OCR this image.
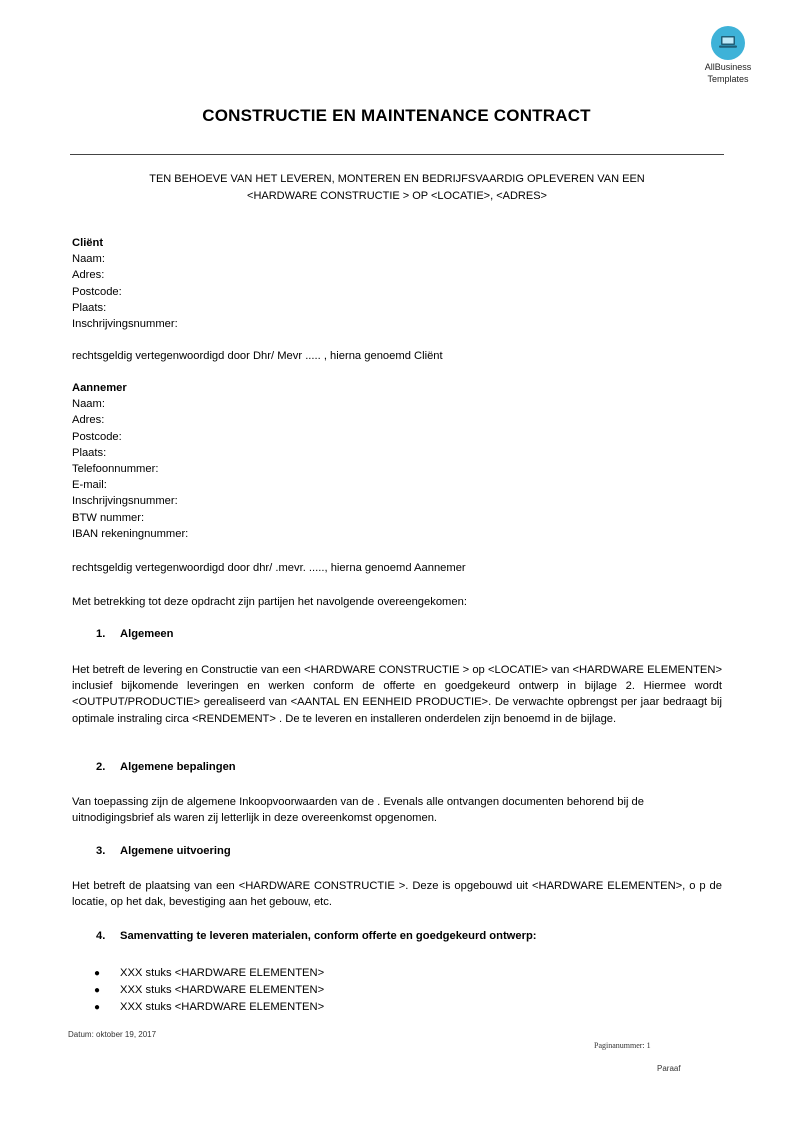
AllBusiness
Templates
CONSTRUCTIE EN MAINTENANCE CONTRACT
TEN BEHOEVE VAN HET LEVEREN, MONTEREN EN BEDRIJFSVAARDIG OPLEVEREN VAN EEN
<HARDWARE CONSTRUCTIE > OP <LOCATIE>, <ADRES>
Cliënt
Naam:
Adres:
Postcode:
Plaats:
Inschrijvingsnummer:
rechtsgeldig vertegenwoordigd door Dhr/ Mevr ..... , hierna genoemd Cliënt
Aannemer
Naam:
Adres:
Postcode:
Plaats:
Telefoonnummer:
E-mail:
Inschrijvingsnummer:
BTW nummer:
IBAN rekeningnummer:
rechtsgeldig vertegenwoordigd door dhr/ .mevr. ....., hierna genoemd Aannemer
Met betrekking tot deze opdracht zijn partijen het navolgende overeengekomen:
1. Algemeen
Het betreft de levering en Constructie van een <HARDWARE CONSTRUCTIE > op <LOCATIE> van <HARDWARE ELEMENTEN> inclusief bijkomende leveringen en werken conform de offerte en goedgekeurd ontwerp in bijlage 2. Hiermee wordt <OUTPUT/PRODUCTIE> gerealiseerd van <AANTAL EN EENHEID PRODUCTIE>. De verwachte opbrengst per jaar bedraagt bij optimale instraling circa <RENDEMENT> . De te leveren en installeren onderdelen zijn benoemd in de bijlage.
2. Algemene bepalingen
Van toepassing zijn de algemene Inkoopvoorwaarden van de . Evenals alle ontvangen documenten behorend bij de uitnodigingsbrief als waren zij letterlijk in deze overeenkomst opgenomen.
3. Algemene uitvoering
Het betreft de plaatsing van een <HARDWARE CONSTRUCTIE >. Deze is opgebouwd uit <HARDWARE ELEMENTEN>, o p de locatie, op het dak, bevestiging aan het gebouw, etc.
4. Samenvatting te leveren materialen, conform offerte en goedgekeurd ontwerp:
● XXX stuks <HARDWARE ELEMENTEN>
● XXX stuks <HARDWARE ELEMENTEN>
● XXX stuks <HARDWARE ELEMENTEN>
Datum: oktober 19, 2017
Paginanummer: 1
Paraaf
